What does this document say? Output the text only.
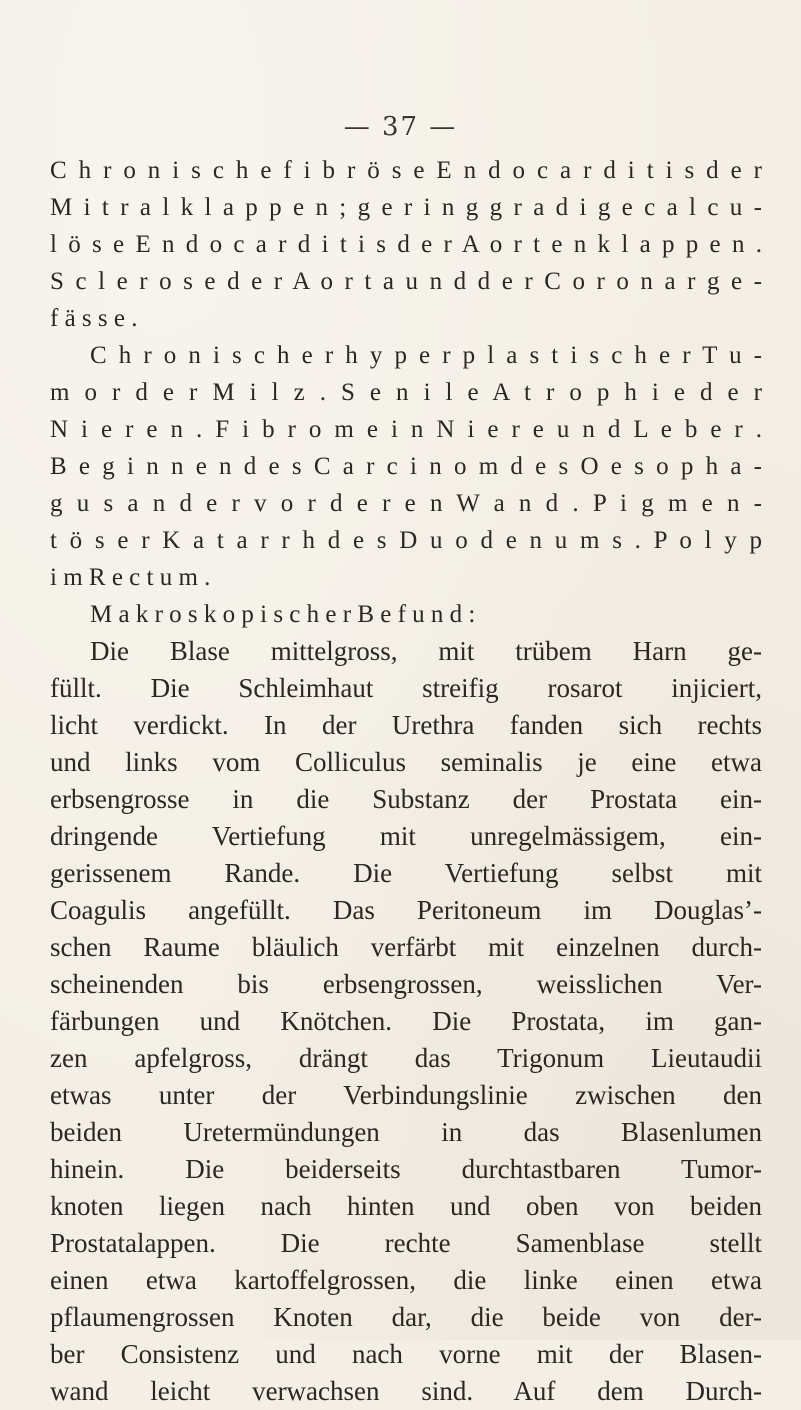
— 37 —
C h r o n i s c h e f i b r ö s e E n d o c a r d i t i s d e r
M i t r a l k l a p p e n ; g e r i n g g r a d i g e c a l c u -
l ö s e E n d o c a r d i t i s d e r A o r t e n k l a p p e n .
S c l e r o s e d e r A o r t a u n d d e r C o r o n a r g e -
f ä s s e .
C h r o n i s c h e r h y p e r p l a s t i s c h e r T u -
m o r d e r M i l z . S e n i l e A t r o p h i e d e r
N i e r e n . F i b r o m e i n N i e r e u n d L e b e r .
B e g i n n e n d e s C a r c i n o m d e s O e s o p h a -
g u s a n d e r v o r d e r e n W a n d . P i g m e n -
t ö s e r K a t a r r h d e s D u o d e n u m s . P o l y p
i m R e c t u m .
M a k r o s k o p i s c h e r B e f u n d :
Die Blase mittelgross, mit trübem Harn ge-
füllt. Die Schleimhaut streifig rosarot injiciert,
licht verdickt. In der Urethra fanden sich rechts
und links vom Colliculus seminalis je eine etwa
erbsengrosse in die Substanz der Prostata ein-
dringende Vertiefung mit unregelmässigem, ein-
gerissenem Rande. Die Vertiefung selbst mit
Coagulis angefüllt. Das Peritoneum im Douglas’-
schen Raume bläulich verfärbt mit einzelnen durch-
scheinenden bis erbsengrossen, weisslichen Ver-
färbungen und Knötchen. Die Prostata, im gan-
zen apfelgross, drängt das Trigonum Lieutaudii
etwas unter der Verbindungslinie zwischen den
beiden Uretermündungen in das Blasenlumen
hinein. Die beiderseits durchtastbaren Tumor-
knoten liegen nach hinten und oben von beiden
Prostatalappen. Die rechte Samenblase stellt
einen etwa kartoffelgrossen, die linke einen etwa
pflaumengrossen Knoten dar, die beide von der-
ber Consistenz und nach vorne mit der Blasen-
wand leicht verwachsen sind. Auf dem Durch-
